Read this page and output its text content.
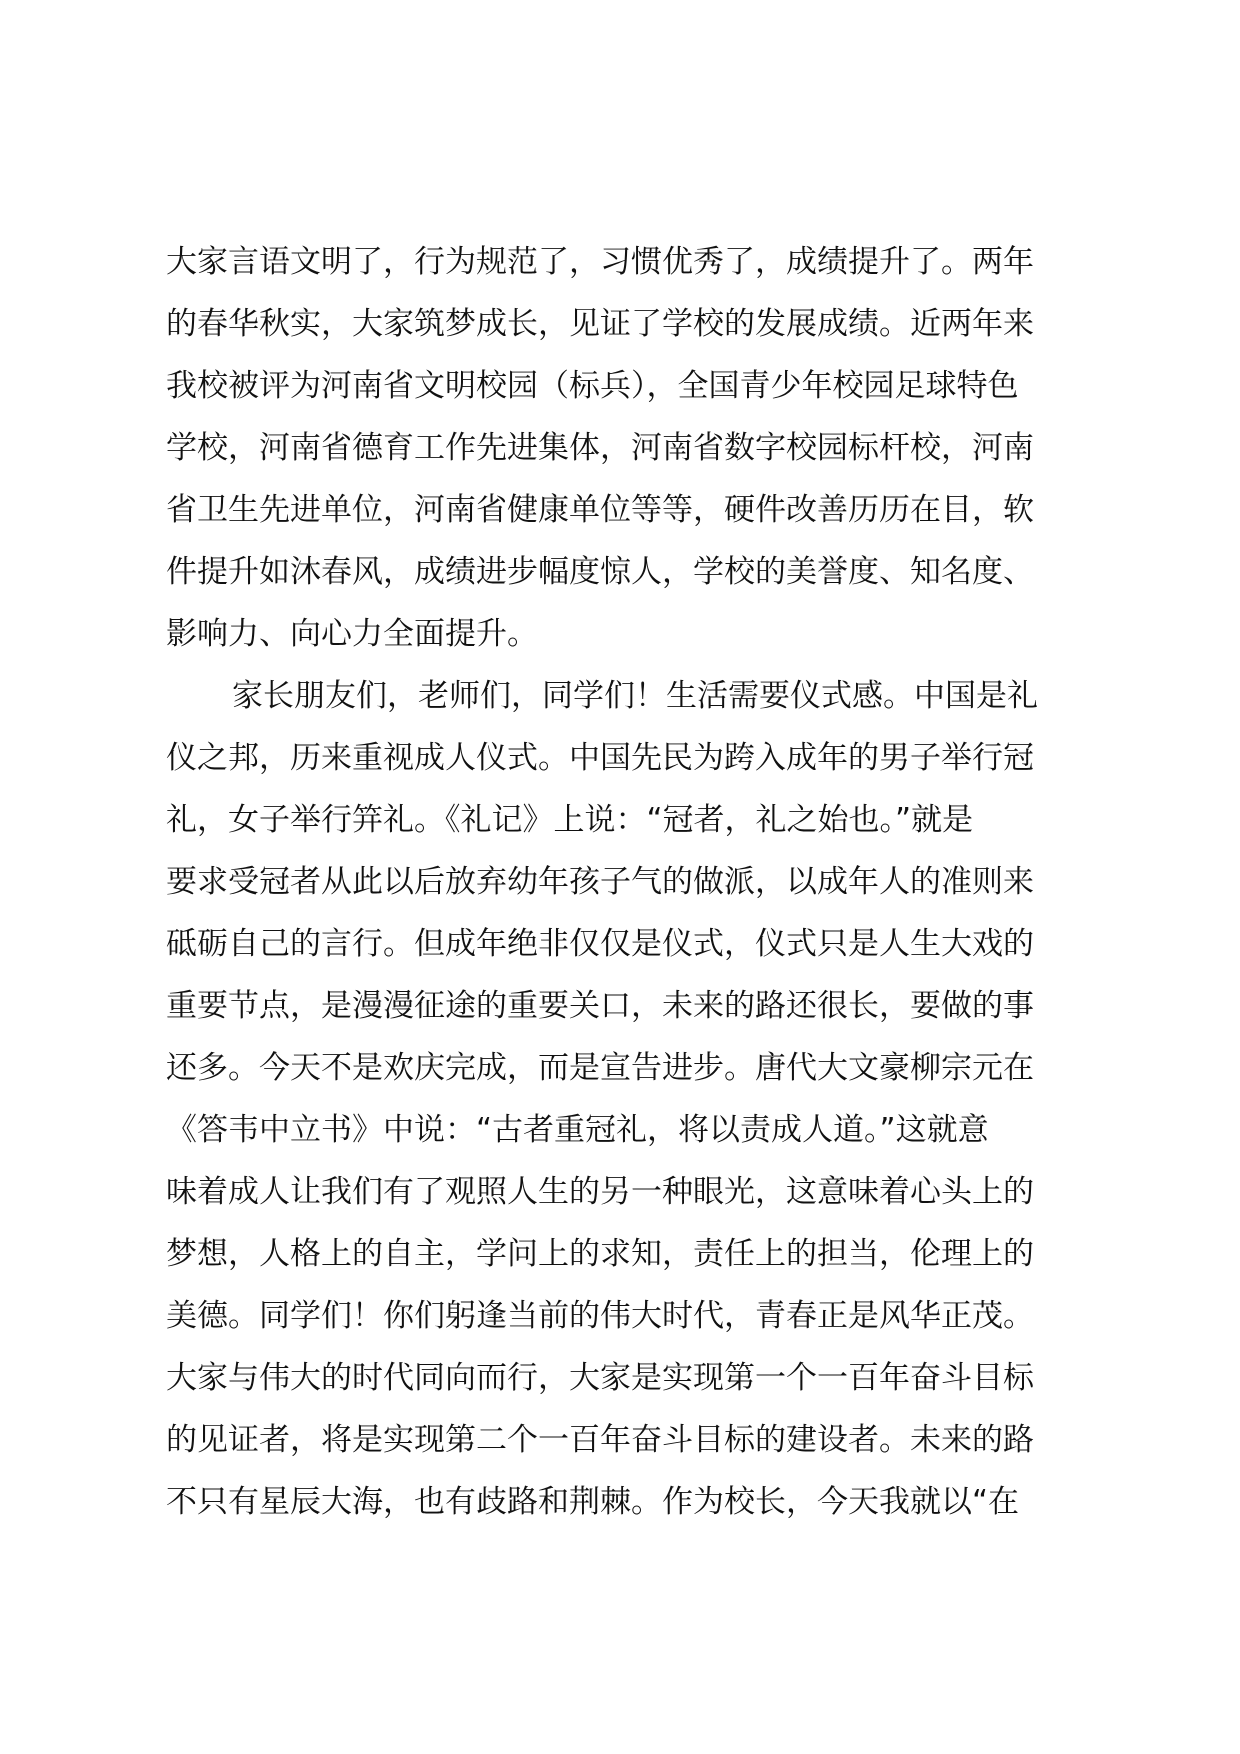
大家言语文明了，行为规范了，习惯优秀了，成绩提升了。两年
的春华秋实，大家筑梦成长，见证了学校的发展成绩。近两年来
我校被评为河南省文明校园（标兵），全国青少年校园足球特色
学校，河南省德育工作先进集体，河南省数字校园标杆校，河南
省卫生先进单位，河南省健康单位等等，硬件改善历历在目，软
件提升如沐春风，成绩进步幅度惊人，学校的美誉度、知名度、
影响力、向心力全面提升。
家长朋友们，老师们，同学们！生活需要仪式感。中国是礼
仪之邦，历来重视成人仪式。中国先民为跨入成年的男子举行冠
礼，女子举行笄礼。《礼记》上说：“冠者，礼之始也。”就是
要求受冠者从此以后放弃幼年孩子气的做派，以成年人的准则来
砥砺自己的言行。但成年绝非仅仅是仪式，仪式只是人生大戏的
重要节点，是漫漫征途的重要关口，未来的路还很长，要做的事
还多。今天不是欢庆完成，而是宣告进步。唐代大文豪柳宗元在
《答韦中立书》中说：“古者重冠礼，将以责成人道。”这就意
味着成人让我们有了观照人生的另一种眼光，这意味着心头上的
梦想，人格上的自主，学问上的求知，责任上的担当，伦理上的
美德。同学们！你们躬逢当前的伟大时代，青春正是风华正茂。
大家与伟大的时代同向而行，大家是实现第一个一百年奋斗目标
的见证者，将是实现第二个一百年奋斗目标的建设者。未来的路
不只有星辰大海，也有歧路和荆棘。作为校长，今天我就以“在
